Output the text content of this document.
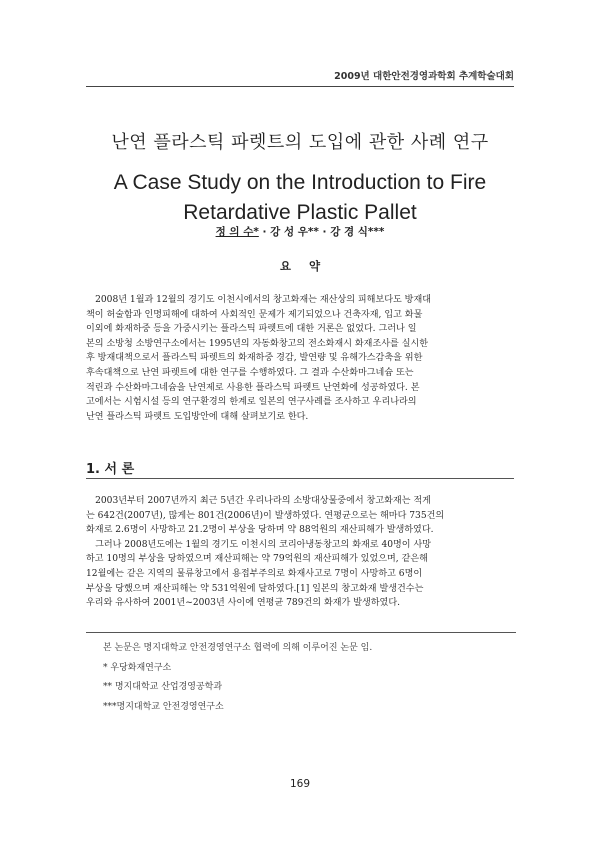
2009년 대한안전경영과학회 추계학술대회
난연 플라스틱 파렛트의 도입에 관한 사례 연구
A Case Study on the Introduction to Fire
Retardative Plastic Pallet
정 의 수* · 강 성 우** · 강 경 식***
요약
　2008년 1월과 12월의 경기도 이천시에서의 창고화재는 재산상의 피해보다도 방재대
책이 허술함과 인명피해에 대하여 사회적인 문제가 제기되었으나 건축자재, 입고 화물
이외에 화재하중 등을 가중시키는 플라스틱 파렛트에 대한 거론은 없었다. 그러나 일
본의 소방청 소방연구소에서는 1995년의 자동화창고의 전소화재시 화재조사를 실시한
후 방재대책으로서 플라스틱 파렛트의 화재하중 경감, 발연량 및 유해가스감축을 위한
후속대책으로 난연 파렛트에 대한 연구를 수행하였다. 그 결과 수산화마그네슘 또는
적린과 수산화마그네슘을 난연제로 사용한 플라스틱 파렛트 난연화에 성공하였다. 본
고에서는 시험시설 등의 연구환경의 한계로 일본의 연구사례를 조사하고 우리나라의
난연 플라스틱 파렛트 도입방안에 대해 살펴보기로 한다.
1. 서 론
　2003년부터 2007년까지 최근 5년간 우리나라의 소방대상물중에서 창고화재는 적게
는 642건(2007년), 많게는 801건(2006년)이 발생하였다. 연평균으로는 해마다 735건의
화재로 2.6명이 사망하고 21.2명이 부상을 당하며 약 88억원의 재산피해가 발생하였다.
　그러나 2008년도에는 1월의 경기도 이천시의 코리아냉동창고의 화재로 40명이 사망
하고 10명의 부상을 당하였으며 재산피해는 약 79억원의 재산피해가 있었으며, 같은해
12월에는 같은 지역의 물류창고에서 용접부주의로 화재사고로 7명이 사망하고 6명이
부상을 당했으며 재산피해는 약 531억원에 달하였다.[1] 일본의 창고화재 발생건수는
우리와 유사하여 2001년~2003년 사이에 연평균 789건의 화재가 발생하였다.
본 논문은 명지대학교 안전경영연구소 협력에 의해 이루어진 논문 임.
* 우당화재연구소
** 명지대학교 산업경영공학과
***명지대학교 안전경영연구소
169
